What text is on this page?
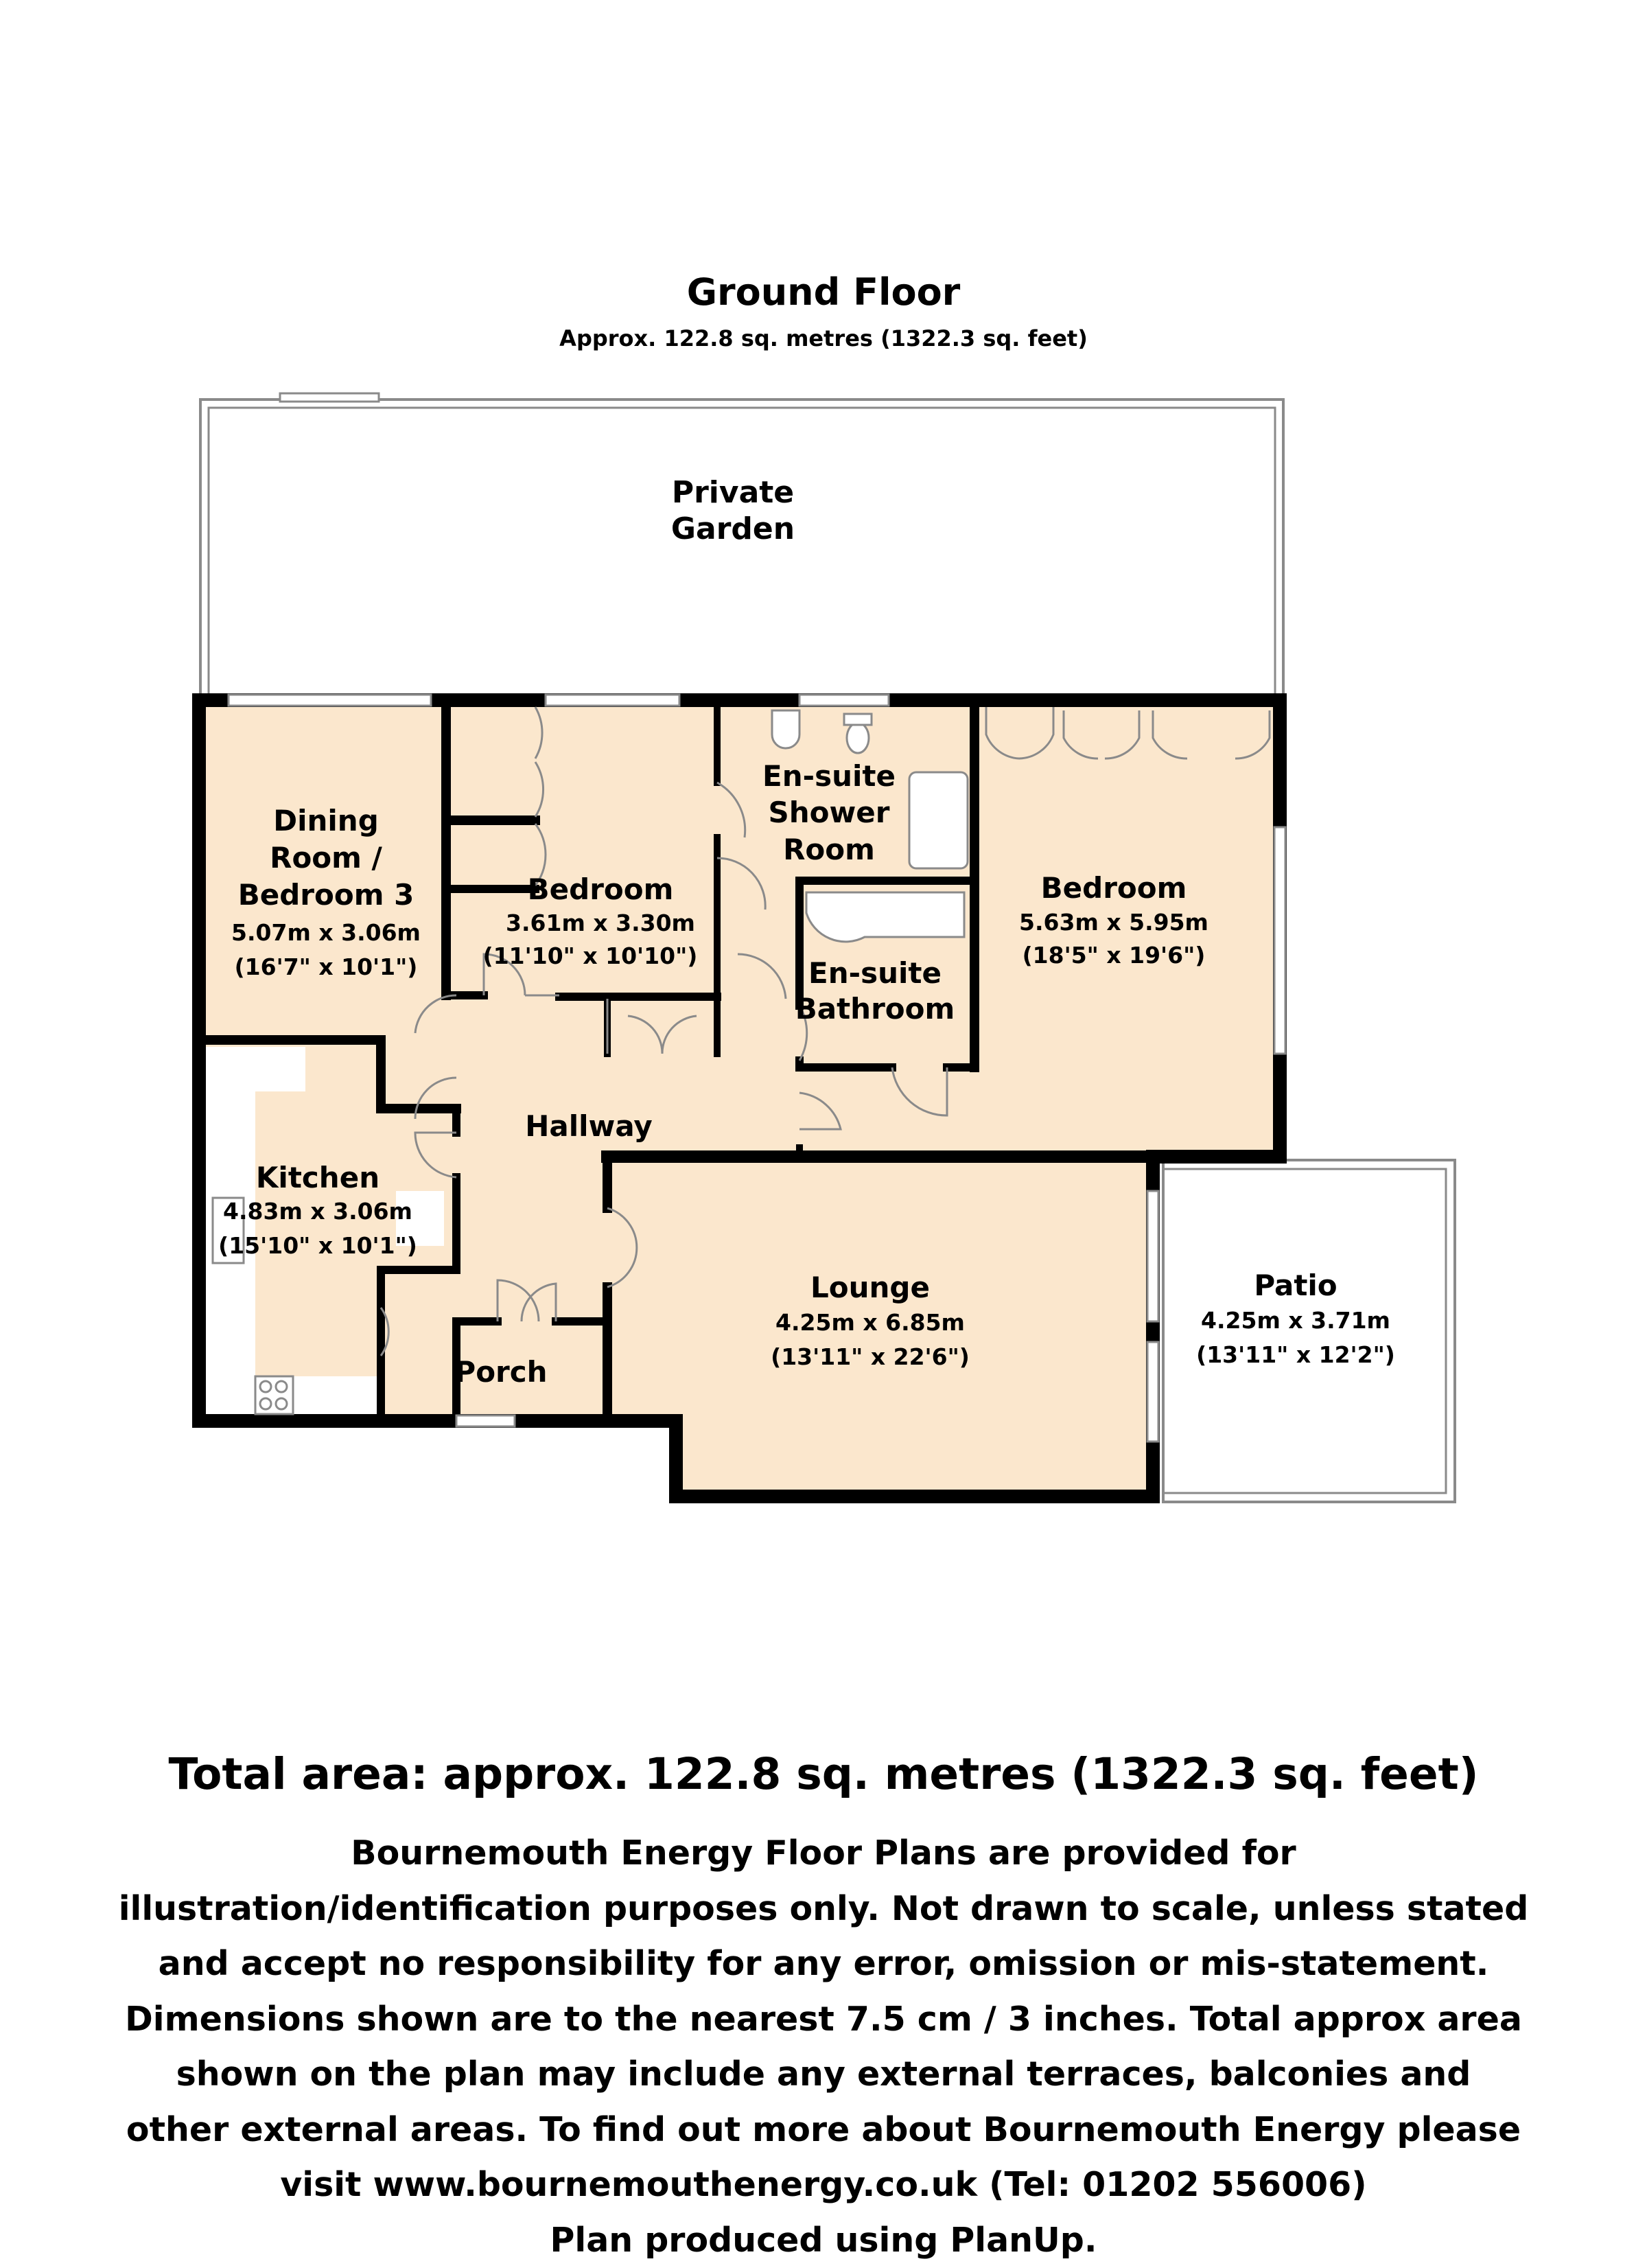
Ground Floor
Approx. 122.8 sq. metres (1322.3 sq. feet)
Private
Garden
Dining
Room /
Bedroom 3
5.07m x 3.06m
(16'7" x 10'1")
Bedroom
3.61m x 3.30m
(11'10" x 10'10")
En-suite
Shower
Room
En-suite
Bathroom
Bedroom
5.63m x 5.95m
(18'5" x 19'6")
Hallway
Kitchen
4.83m x 3.06m
(15'10" x 10'1")
Porch
Lounge
4.25m x 6.85m
(13'11" x 22'6")
Patio
4.25m x 3.71m
(13'11" x 12'2")
Total area: approx. 122.8 sq. metres (1322.3 sq. feet)
Bournemouth Energy Floor Plans are provided for
illustration/identification purposes only. Not drawn to scale, unless stated
and accept no responsibility for any error, omission or mis-statement.
Dimensions shown are to the nearest 7.5 cm / 3 inches. Total approx area
shown on the plan may include any external terraces, balconies and
other external areas. To find out more about Bournemouth Energy please
visit www.bournemouthenergy.co.uk (Tel: 01202 556006)
Plan produced using PlanUp.
